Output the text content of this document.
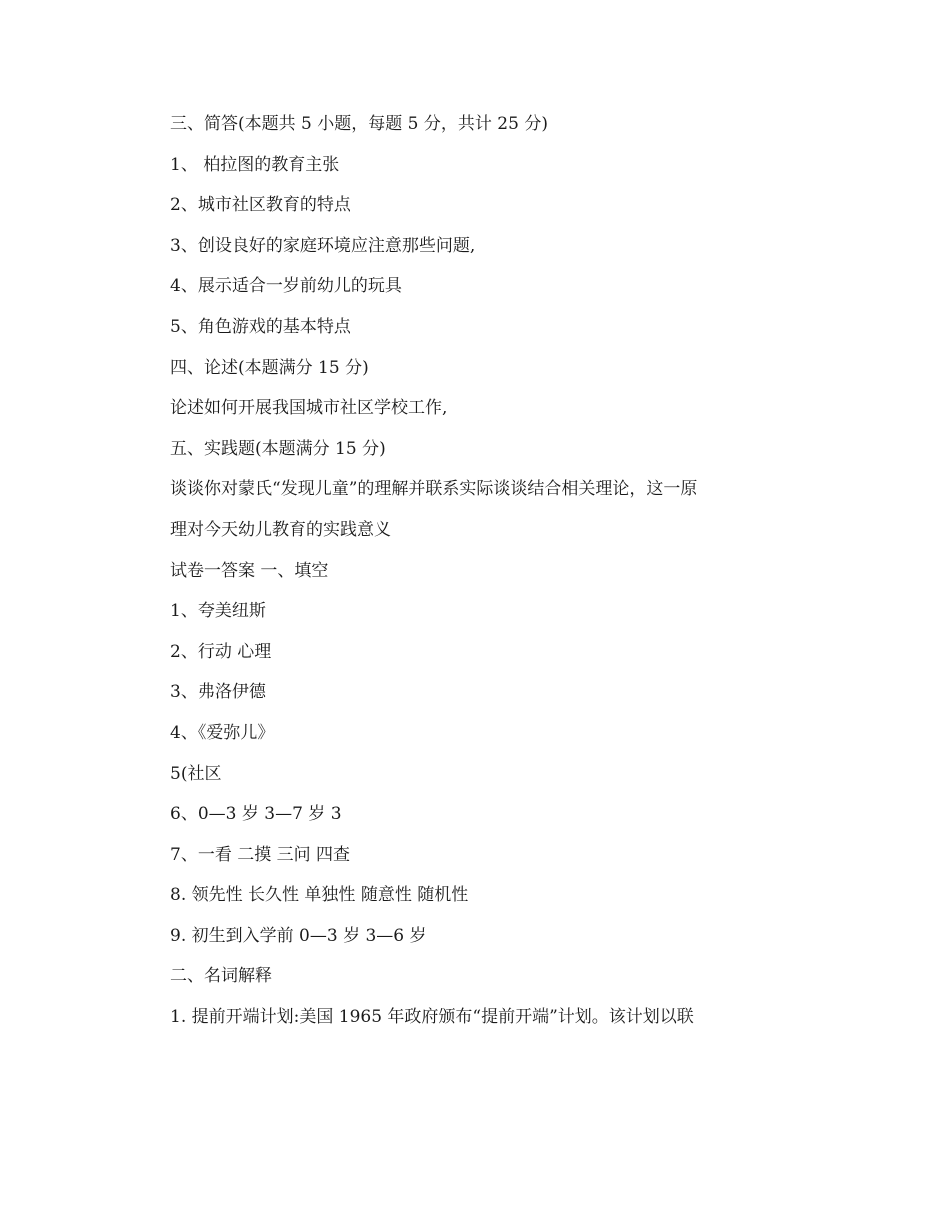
三、简答(本题共 5 小题，每题 5 分，共计 25 分)

1、 柏拉图的教育主张

2、城市社区教育的特点

3、创设良好的家庭环境应注意那些问题,

4、展示适合一岁前幼儿的玩具

5、角色游戏的基本特点

四、论述(本题满分 15 分)

论述如何开展我国城市社区学校工作,

五、实践题(本题满分 15 分)

谈谈你对蒙氏“发现儿童”的理解并联系实际谈谈结合相关理论，这一原

理对今天幼儿教育的实践意义

试卷一答案 一、填空

1、夸美纽斯

2、行动 心理

3、弗洛伊德

4、《爱弥儿》

5(社区

6、0—3 岁 3—7 岁 3

7、一看 二摸 三问 四查

8. 领先性 长久性 单独性 随意性 随机性

9. 初生到入学前 0—3 岁 3—6 岁

二、名词解释

1. 提前开端计划:美国 1965 年政府颁布“提前开端”计划。该计划以联
